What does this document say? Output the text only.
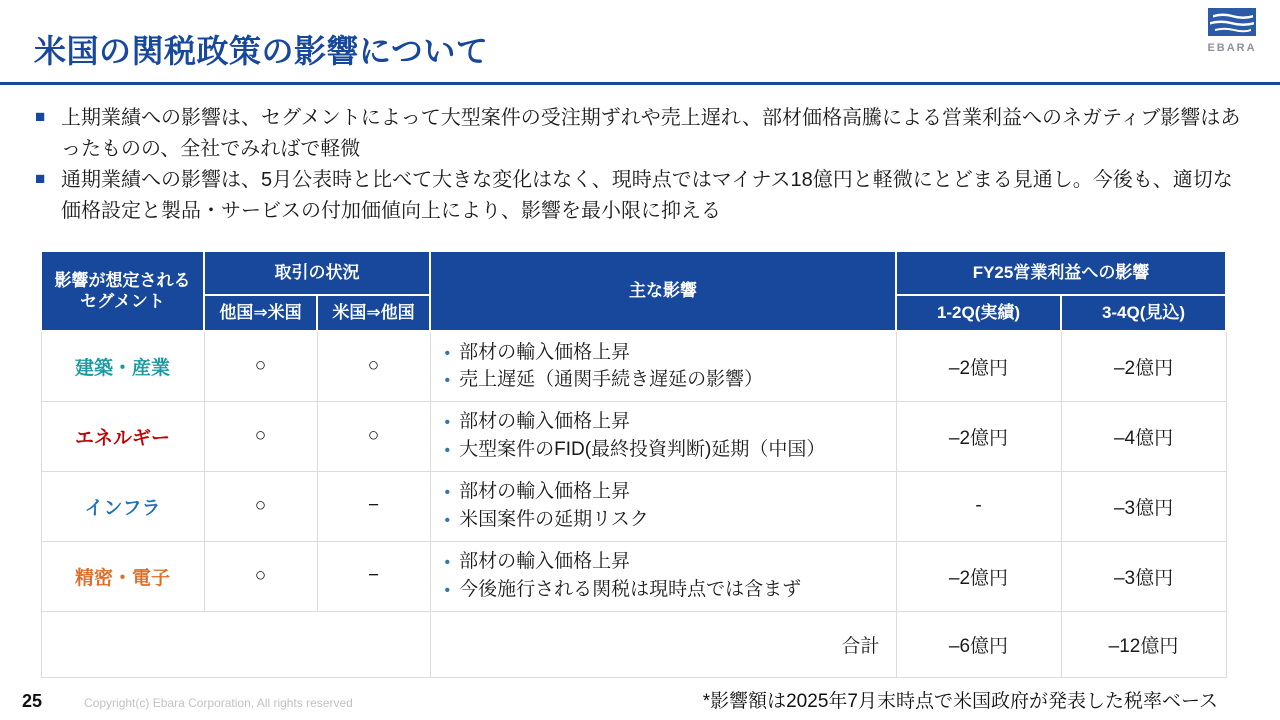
米国の関税政策の影響について	EBARA
■ 上期業績への影響は、セグメントによって大型案件の受注期ずれや売上遅れ、部材価格高騰による営業利益へのネガティブ影響はあったものの、全社でみればで軽微
■ 通期業績への影響は、5月公表時と比べて大きな変化はなく、現時点ではマイナス18億円と軽微にとどまる見通し。今後も、適切な価格設定と製品・サービスの付加価値向上により、影響を最小限に抑える
影響が想定される
セグメント	取引の状況		主な影響	FY25営業利益への影響	
	他国⇒米国	米国⇒他国		1-2Q(実績)	3-4Q(見込)
建築・産業	○	○	• 部材の輸入価格上昇
• 売上遅延（通関手続き遅延の影響）	–2億円	–2億円
エネルギー	○	○	• 部材の輸入価格上昇
• 大型案件のFID(最終投資判断)延期（中国）	–2億円	–4億円
インフラ	○	−	• 部材の輸入価格上昇
• 米国案件の延期リスク	-	–3億円
精密・電子	○	−	• 部材の輸入価格上昇
• 今後施行される関税は現時点では含まず	–2億円	–3億円
			合計	–6億円	–12億円
*影響額は2025年7月末時点で米国政府が発表した税率ベース
25	Copyright(c) Ebara Corporation, All rights reserved
